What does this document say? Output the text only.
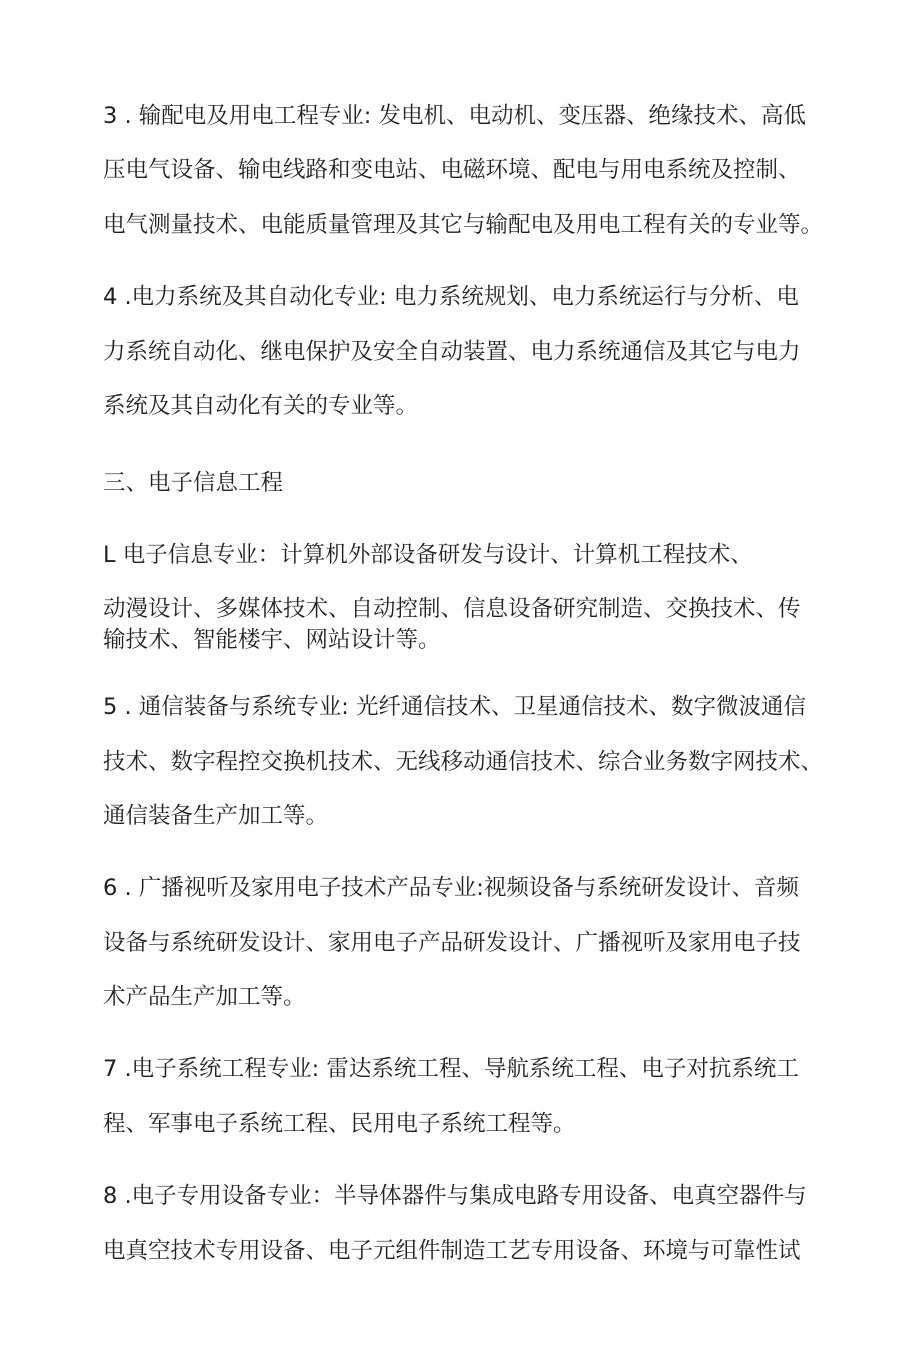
3 . 输配电及用电工程专业: 发电机、电动机、变压器、绝缘技术、高低
压电气设备、输电线路和变电站、电磁环境、配电与用电系统及控制、
电气测量技术、电能质量管理及其它与输配电及用电工程有关的专业等。
4 .电力系统及其自动化专业: 电力系统规划、电力系统运行与分析、电
力系统自动化、继电保护及安全自动装置、电力系统通信及其它与电力
系统及其自动化有关的专业等。
三、电子信息工程
L 电子信息专业：计算机外部设备研发与设计、计算机工程技术、
动漫设计、多媒体技术、自动控制、信息设备研究制造、交换技术、传
输技术、智能楼宇、网站设计等。
5 . 通信装备与系统专业: 光纤通信技术、卫星通信技术、数字微波通信
技术、数字程控交换机技术、无线移动通信技术、综合业务数字网技术、
通信装备生产加工等。
6 . 广播视听及家用电子技术产品专业:视频设备与系统研发设计、音频
设备与系统研发设计、家用电子产品研发设计、广播视听及家用电子技
术产品生产加工等。
7 .电子系统工程专业: 雷达系统工程、导航系统工程、电子对抗系统工
程、军事电子系统工程、民用电子系统工程等。
8 .电子专用设备专业：半导体器件与集成电路专用设备、电真空器件与
电真空技术专用设备、电子元组件制造工艺专用设备、环境与可靠性试
